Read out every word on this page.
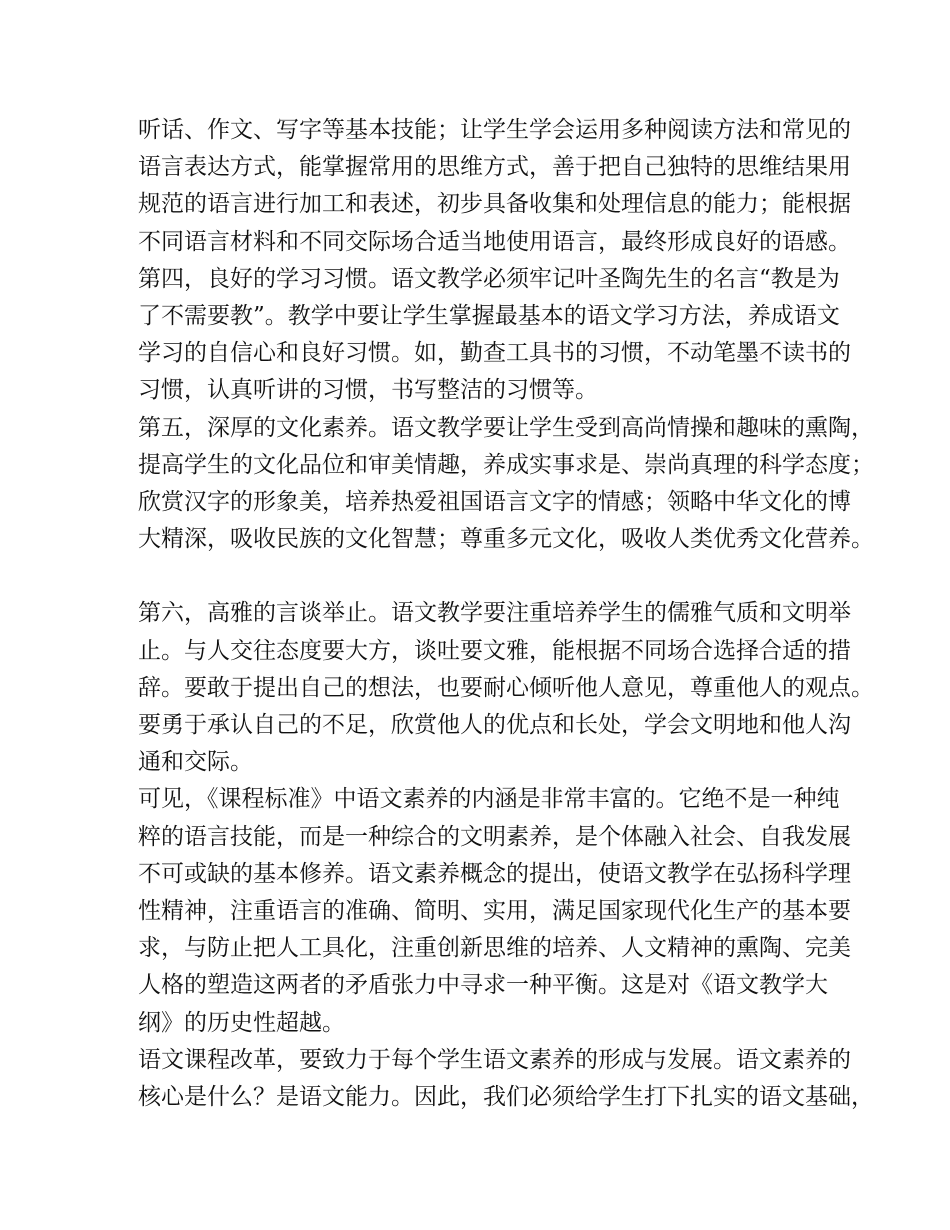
听话、作文、写字等基本技能；让学生学会运用多种阅读方法和常见的
语言表达方式，能掌握常用的思维方式，善于把自己独特的思维结果用
规范的语言进行加工和表述，初步具备收集和处理信息的能力；能根据
不同语言材料和不同交际场合适当地使用语言，最终形成良好的语感。
第四，良好的学习习惯。语文教学必须牢记叶圣陶先生的名言“教是为
了不需要教”。教学中要让学生掌握最基本的语文学习方法，养成语文
学习的自信心和良好习惯。如，勤查工具书的习惯，不动笔墨不读书的
习惯，认真听讲的习惯，书写整洁的习惯等。
第五，深厚的文化素养。语文教学要让学生受到高尚情操和趣味的熏陶，
提高学生的文化品位和审美情趣，养成实事求是、崇尚真理的科学态度；
欣赏汉字的形象美，培养热爱祖国语言文字的情感；领略中华文化的博
大精深，吸收民族的文化智慧；尊重多元文化，吸收人类优秀文化营养。
第六，高雅的言谈举止。语文教学要注重培养学生的儒雅气质和文明举
止。与人交往态度要大方，谈吐要文雅，能根据不同场合选择合适的措
辞。要敢于提出自己的想法，也要耐心倾听他人意见，尊重他人的观点。
要勇于承认自己的不足，欣赏他人的优点和长处，学会文明地和他人沟
通和交际。
可见，《课程标准》中语文素养的内涵是非常丰富的。它绝不是一种纯
粹的语言技能，而是一种综合的文明素养，是个体融入社会、自我发展
不可或缺的基本修养。语文素养概念的提出，使语文教学在弘扬科学理
性精神，注重语言的准确、简明、实用，满足国家现代化生产的基本要
求，与防止把人工具化，注重创新思维的培养、人文精神的熏陶、完美
人格的塑造这两者的矛盾张力中寻求一种平衡。这是对《语文教学大
纲》的历史性超越。
语文课程改革，要致力于每个学生语文素养的形成与发展。语文素养的
核心是什么？是语文能力。因此，我们必须给学生打下扎实的语文基础，
